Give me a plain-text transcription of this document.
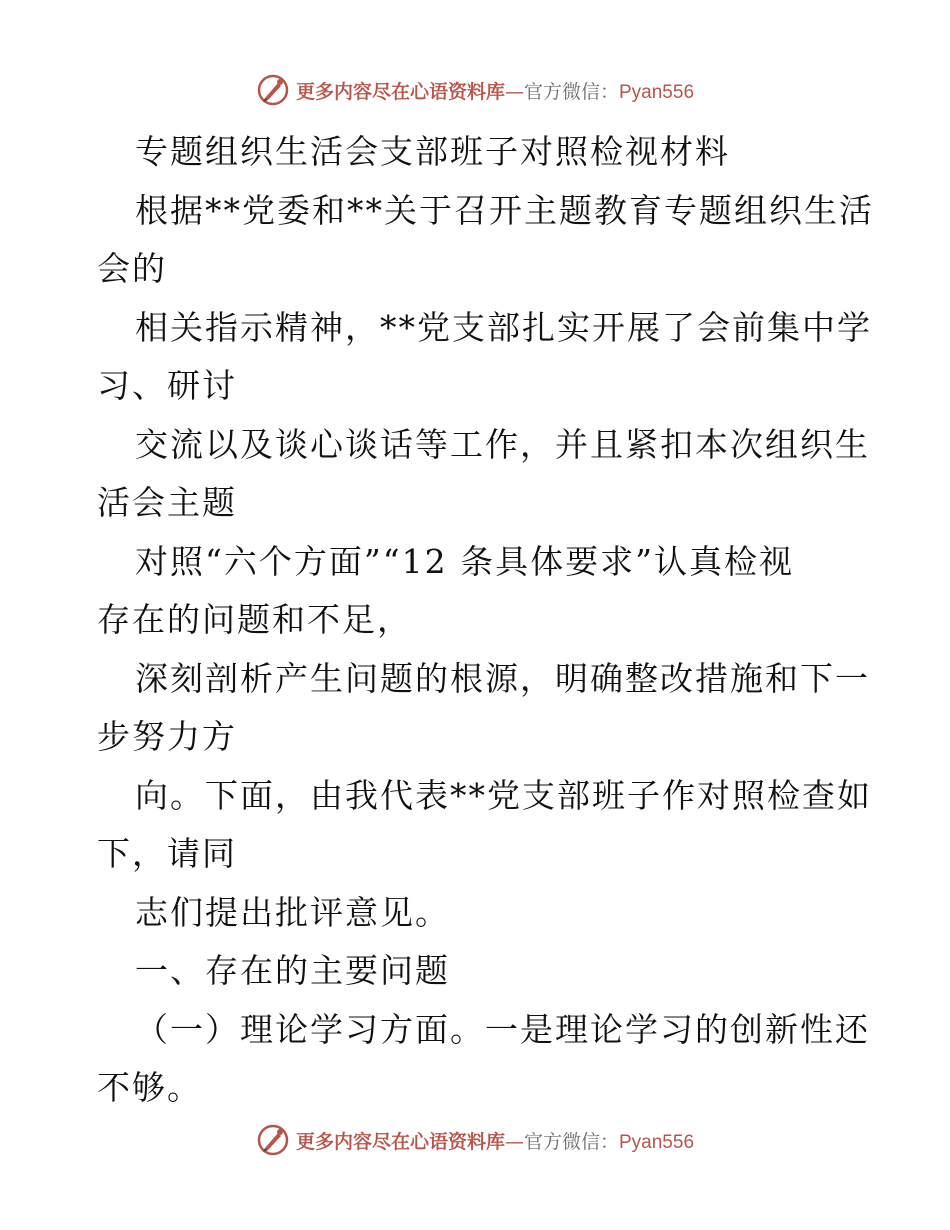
更多内容尽在心语资料库—官方微信：Pyan556
专题组织生活会支部班子对照检视材料
根据**党委和**关于召开主题教育专题组织生活
会的
相关指示精神，**党支部扎实开展了会前集中学
习、研讨
交流以及谈心谈话等工作，并且紧扣本次组织生
活会主题
对照“六个方面”“12 条具体要求”认真检视
存在的问题和不足，
深刻剖析产生问题的根源，明确整改措施和下一
步努力方
向。下面，由我代表**党支部班子作对照检查如
下，请同
志们提出批评意见。
一、存在的主要问题
（一）理论学习方面。一是理论学习的创新性还
不够。
更多内容尽在心语资料库—官方微信：Pyan556
